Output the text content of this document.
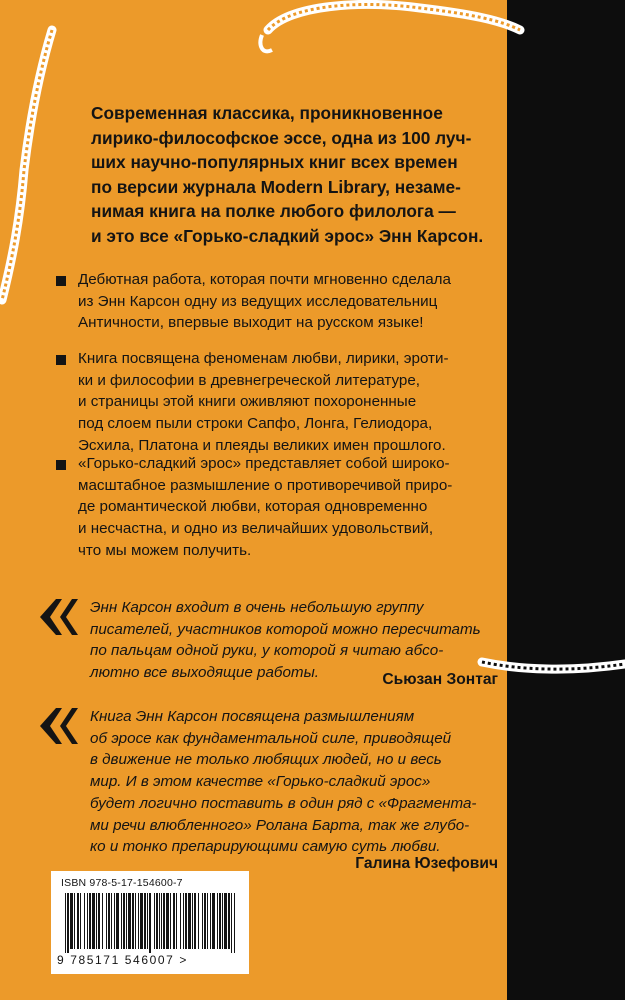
Современная классика, проникновенное

лирико-философское эссе, одна из 100 луч-

ших научно-популярных книг всех времен

по версии журнала Modern Library, незаме-

нимая книга на полке любого филолога —

и это все «Горько-сладкий эрос» Энн Карсон.

Дебютная работа, которая почти мгновенно сделала

из Энн Карсон одну из ведущих исследовательниц

Античности, впервые выходит на русском языке!

Книга посвящена феноменам любви, лирики, эроти-

ки и философии в древнегреческой литературе,

и страницы этой книги оживляют похороненные

под слоем пыли строки Сапфо, Лонга, Гелиодора,

Эсхила, Платона и плеяды великих имен прошлого.

«Горько-сладкий эрос» представляет собой широко-

масштабное размышление о противоречивой приро-

де романтической любви, которая одновременно

и несчастна, и одно из величайших удовольствий,

что мы можем получить.

Энн Карсон входит в очень небольшую группу

писателей, участников которой можно пересчитать

по пальцам одной руки, у которой я читаю абсо-

лютно все выходящие работы.	Сьюзан Зонтаг

Книга Энн Карсон посвящена размышлениям

об эросе как фундаментальной силе, приводящей

в движение не только любящих людей, но и весь

мир. И в этом качестве «Горько-сладкий эрос»

будет логично поставить в один ряд с «Фрагмента-

ми речи влюбленного» Ролана Барта, так же глубо-

ко и тонко препарирующими самую суть любви.

Галина Юзефович
ISBN 978-5-17-154600-7
9 785171 546007 >
